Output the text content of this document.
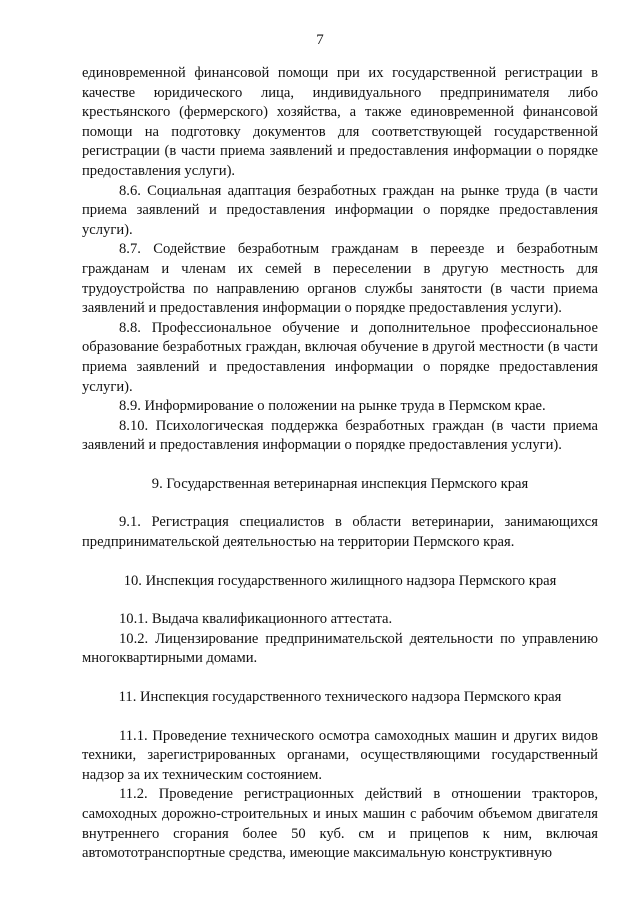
7

единовременной финансовой помощи при их государственной регистрации в качестве юридического лица, индивидуального предпринимателя либо крестьянского (фермерского) хозяйства, а также единовременной финансовой помощи на подготовку документов для соответствующей государственной регистрации (в части приема заявлений и предоставления информации о порядке предоставления услуги).

8.6. Социальная адаптация безработных граждан на рынке труда (в части приема заявлений и предоставления информации о порядке предоставления услуги).

8.7. Содействие безработным гражданам в переезде и безработным гражданам и членам их семей в переселении в другую местность для трудоустройства по направлению органов службы занятости (в части приема заявлений и предоставления информации о порядке предоставления услуги).

8.8. Профессиональное обучение и дополнительное профессиональное образование безработных граждан, включая обучение в другой местности (в части приема заявлений и предоставления информации о порядке предоставления услуги).

8.9. Информирование о положении на рынке труда в Пермском крае.

8.10. Психологическая поддержка безработных граждан (в части приема заявлений и предоставления информации о порядке предоставления услуги).

9. Государственная ветеринарная инспекция Пермского края

9.1. Регистрация специалистов в области ветеринарии, занимающихся предпринимательской деятельностью на территории Пермского края.

10. Инспекция государственного жилищного надзора Пермского края

10.1. Выдача квалификационного аттестата.

10.2. Лицензирование предпринимательской деятельности по управлению многоквартирными домами.

11. Инспекция государственного технического надзора Пермского края

11.1. Проведение технического осмотра самоходных машин и других видов техники, зарегистрированных органами, осуществляющими государственный надзор за их техническим состоянием.

11.2. Проведение регистрационных действий в отношении тракторов, самоходных дорожно-строительных и иных машин с рабочим объемом двигателя внутреннего сгорания более 50 куб. см и прицепов к ним, включая автомототранспортные средства, имеющие максимальную конструктивную
